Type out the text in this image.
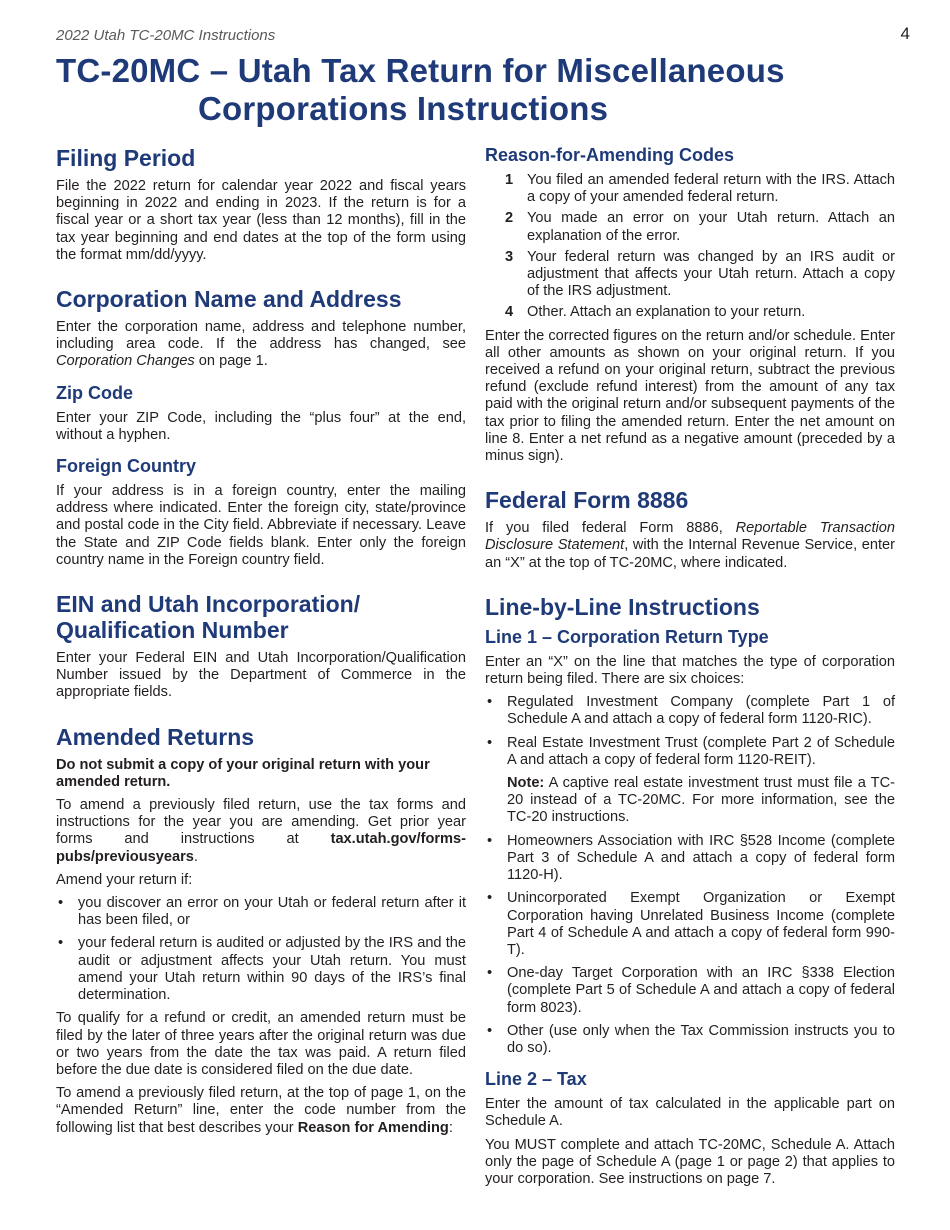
2022 Utah TC-20MC Instructions	4
TC-20MC – Utah Tax Return for Miscellaneous
Corporations Instructions
Filing Period

File the 2022 return for calendar year 2022 and fiscal years beginning in 2022 and ending in 2023. If the return is for a fiscal year or a short tax year (less than 12 months), fill in the tax year beginning and end dates at the top of the form using the format mm/dd/yyyy.

Corporation Name and Address

Enter the corporation name, address and telephone number, including area code. If the address has changed, see Corporation Changes on page 1.

Zip Code

Enter your ZIP Code, including the “plus four” at the end, without a hyphen.

Foreign Country

If your address is in a foreign country, enter the mailing address where indicated. Enter the foreign city, state/province and postal code in the City field. Abbreviate if necessary. Leave the State and ZIP Code fields blank. Enter only the foreign country name in the Foreign country field.

EIN and Utah Incorporation/
Qualification Number

Enter your Federal EIN and Utah Incorporation/Qualification Number issued by the Department of Commerce in the appropriate fields.

Amended Returns

Do not submit a copy of your original return with your amended return.

To amend a previously filed return, use the tax forms and instructions for the year you are amending. Get prior year forms and instructions at tax.utah.gov/forms-pubs/previousyears.

Amend your return if:

• you discover an error on your Utah or federal return after it has been filed, or
• your federal return is audited or adjusted by the IRS and the audit or adjustment affects your Utah return. You must amend your Utah return within 90 days of the IRS’s final determination.

To qualify for a refund or credit, an amended return must be filed by the later of three years after the original return was due or two years from the date the tax was paid. A return filed before the due date is considered filed on the due date.

To amend a previously filed return, at the top of page 1, on the “Amended Return” line, enter the code number from the following list that best describes your Reason for Amending:

Reason-for-Amending Codes
1 You filed an amended federal return with the IRS. Attach a copy of your amended federal return.
2 You made an error on your Utah return. Attach an explanation of the error.
3 Your federal return was changed by an IRS audit or adjustment that affects your Utah return. Attach a copy of the IRS adjustment.
4 Other. Attach an explanation to your return.

Enter the corrected figures on the return and/or schedule. Enter all other amounts as shown on your original return. If you received a refund on your original return, subtract the previous refund (exclude refund interest) from the amount of any tax paid with the original return and/or subsequent payments of the tax prior to filing the amended return. Enter the net amount on line 8. Enter a net refund as a negative amount (preceded by a minus sign).

Federal Form 8886

If you filed federal Form 8886, Reportable Transaction Disclosure Statement, with the Internal Revenue Service, enter an “X” at the top of TC-20MC, where indicated.

Line-by-Line Instructions
Line 1 – Corporation Return Type

Enter an “X” on the line that matches the type of corporation return being filed. There are six choices:

• Regulated Investment Company (complete Part 1 of Schedule A and attach a copy of federal form 1120-RIC).
• Real Estate Investment Trust (complete Part 2 of Schedule A and attach a copy of federal form 1120-REIT).

Note: A captive real estate investment trust must file a TC-20 instead of a TC-20MC. For more information, see the TC-20 instructions.

• Homeowners Association with IRC §528 Income (complete Part 3 of Schedule A and attach a copy of federal form 1120-H).
• Unincorporated Exempt Organization or Exempt Corporation having Unrelated Business Income (complete Part 4 of Schedule A and attach a copy of federal form 990-T).
• One-day Target Corporation with an IRC §338 Election (complete Part 5 of Schedule A and attach a copy of federal form 8023).
• Other (use only when the Tax Commission instructs you to do so).
Line 2 – Tax

Enter the amount of tax calculated in the applicable part on Schedule A.

You MUST complete and attach TC-20MC, Schedule A. Attach only the page of Schedule A (page 1 or page 2) that applies to your corporation. See instructions on page 7.
